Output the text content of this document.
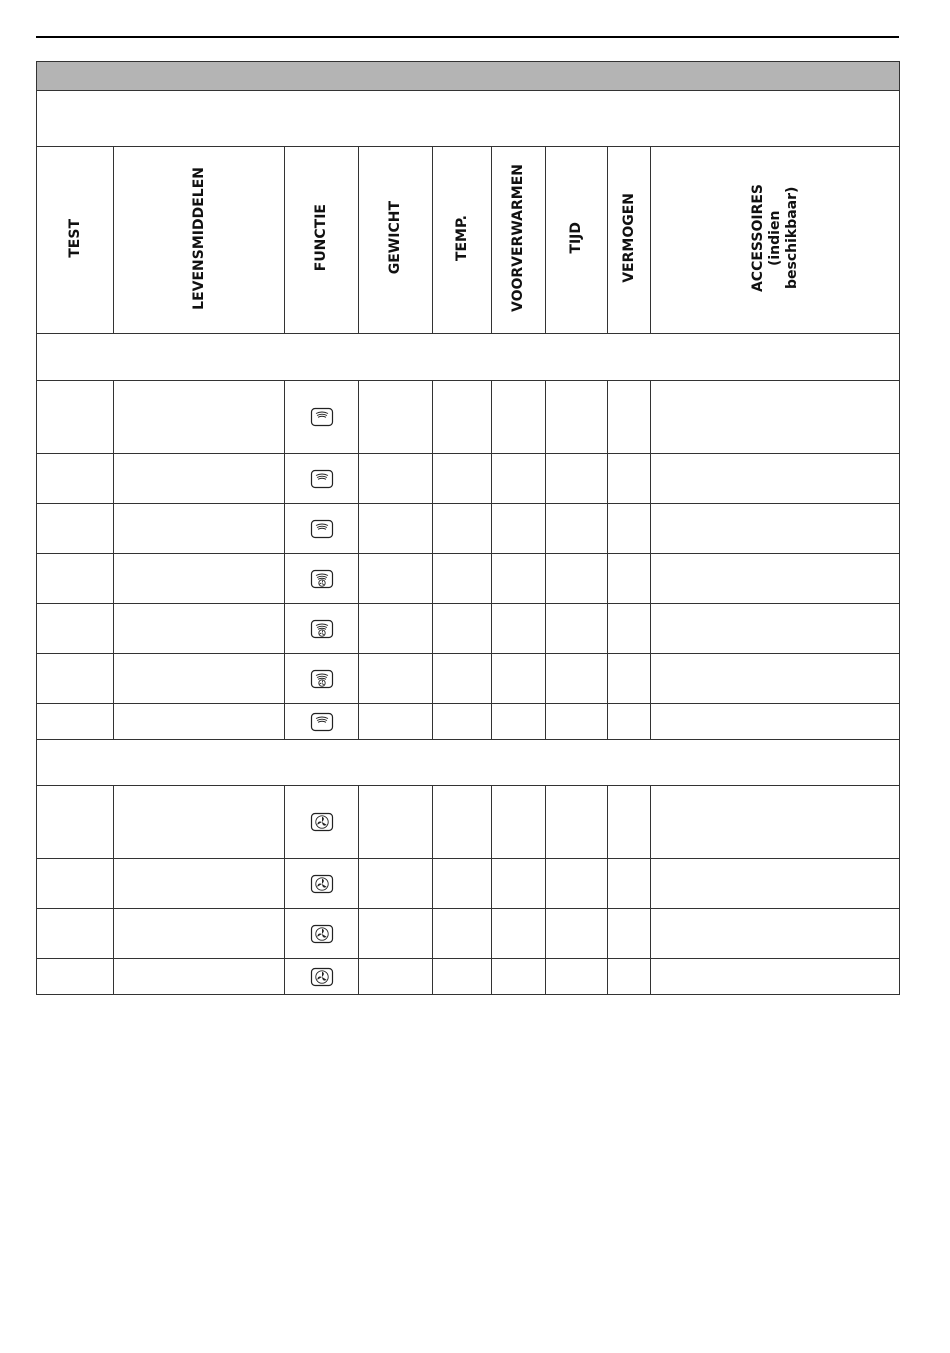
TEST	LEVENSMIDDELEN	FUNCTIE	GEWICHT	TEMP.	VOORVERWARMEN	TIJD	VERMOGEN	ACCESSOIRES
(indien
beschikbaar)
